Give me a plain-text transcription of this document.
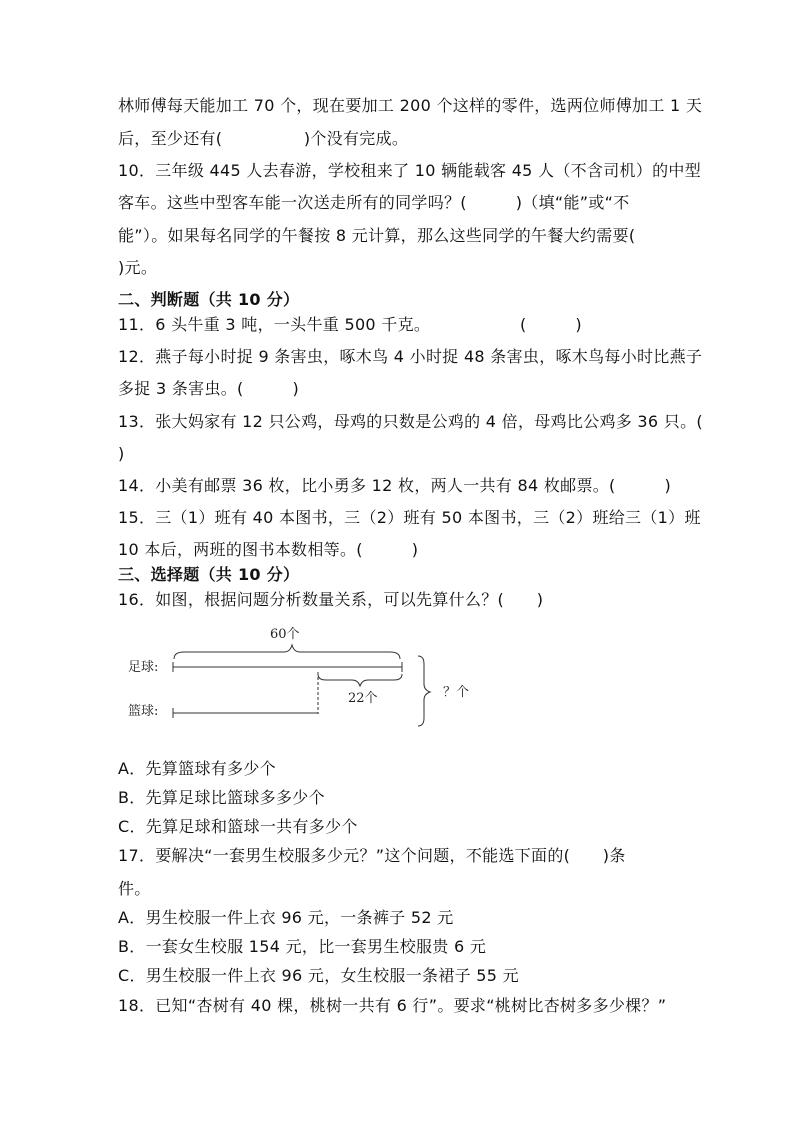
林师傅每天能加工 70 个，现在要加工 200 个这样的零件，选两位师傅加工 1 天
后，至少还有(　　　　　)个没有完成。
10．三年级 445 人去春游，学校租来了 10 辆能载客 45 人（不含司机）的中型
客车。这些中型客车能一次送走所有的同学吗？(　　　)（填“能”或“不
能”）。如果每名同学的午餐按 8 元计算，那么这些同学的午餐大约需要(
)元。
二、判断题（共 10 分）
11．6 头牛重 3 吨，一头牛重 500 千克。　　　　　　(　　　)
12．燕子每小时捉 9 条害虫，啄木鸟 4 小时捉 48 条害虫，啄木鸟每小时比燕子
多捉 3 条害虫。(　　　)
13．张大妈家有 12 只公鸡，母鸡的只数是公鸡的 4 倍，母鸡比公鸡多 36 只。(
)
14．小美有邮票 36 枚，比小勇多 12 枚，两人一共有 84 枚邮票。(　　　)
15．三（1）班有 40 本图书，三（2）班有 50 本图书，三（2）班给三（1）班
10 本后，两班的图书本数相等。(　　　)
三、选择题（共 10 分）
16．如图，根据问题分析数量关系，可以先算什么？(　　)
60个
足球:
22个
篮球:
？个
A．先算篮球有多少个
B．先算足球比篮球多多少个
C．先算足球和篮球一共有多少个
17．要解决“一套男生校服多少元？”这个问题，不能选下面的(　　)条
件。
A．男生校服一件上衣 96 元，一条裤子 52 元
B．一套女生校服 154 元，比一套男生校服贵 6 元
C．男生校服一件上衣 96 元，女生校服一条裙子 55 元
18．已知“杏树有 40 棵，桃树一共有 6 行”。要求“桃树比杏树多多少棵？”
